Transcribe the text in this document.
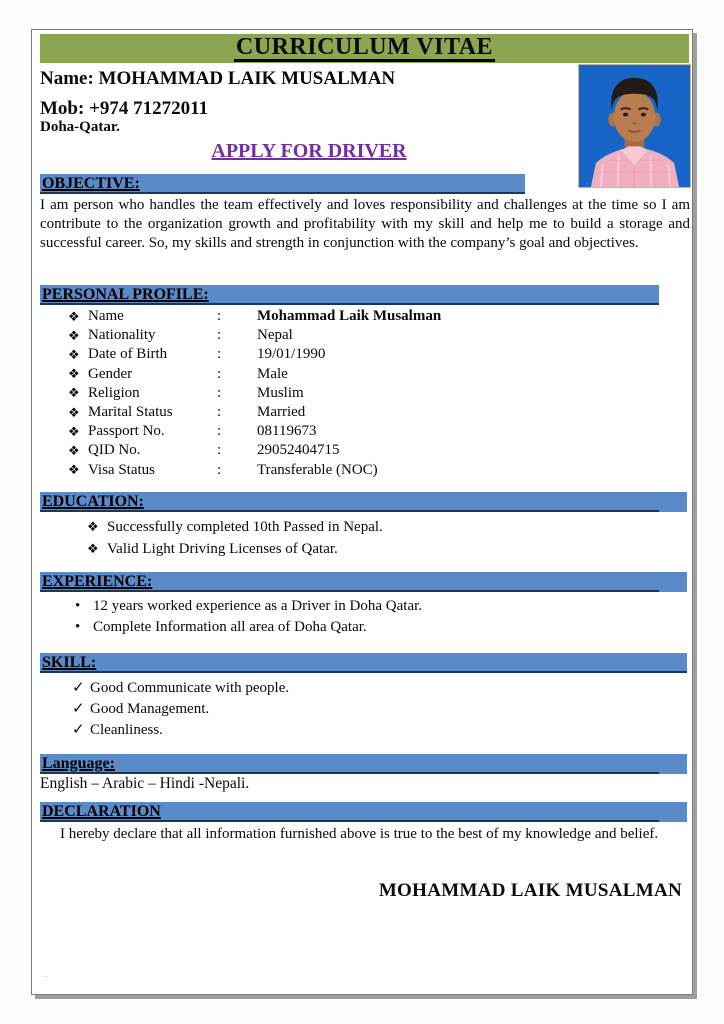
CURRICULUM VITAE
Name: MOHAMMAD LAIK MUSALMAN
Mob: +974 71272011
Doha-Qatar.
APPLY FOR DRIVER
OBJECTIVE:
I am person who handles the team effectively and loves responsibility and challenges at the time so I am contribute to the organization growth and profitability with my skill and help me to build a storage and successful career. So, my skills and strength in conjunction with the company’s goal and objectives.
PERSONAL PROFILE:
❖ Name	:	Mohammad Laik Musalman
❖ Nationality	:	Nepal
❖ Date of Birth	:	19/01/1990
❖ Gender	:	Male
❖ Religion	:	Muslim
❖ Marital Status	:	Married
❖ Passport No.	:	08119673
❖ QID No.	:	29052404715
❖ Visa Status	:	Transferable (NOC)
EDUCATION:
❖ Successfully completed 10th Passed in Nepal.
❖ Valid Light Driving Licenses of Qatar.
EXPERIENCE:
• 12 years worked experience as a Driver in Doha Qatar.
• Complete Information all area of Doha Qatar.
SKILL:
✓ Good Communicate with people.
✓ Good Management.
✓ Cleanliness.
Language:
English – Arabic – Hindi -Nepali.
DECLARATION
I hereby declare that all information furnished above is true to the best of my knowledge and belief.
MOHAMMAD LAIK MUSALMAN
..
